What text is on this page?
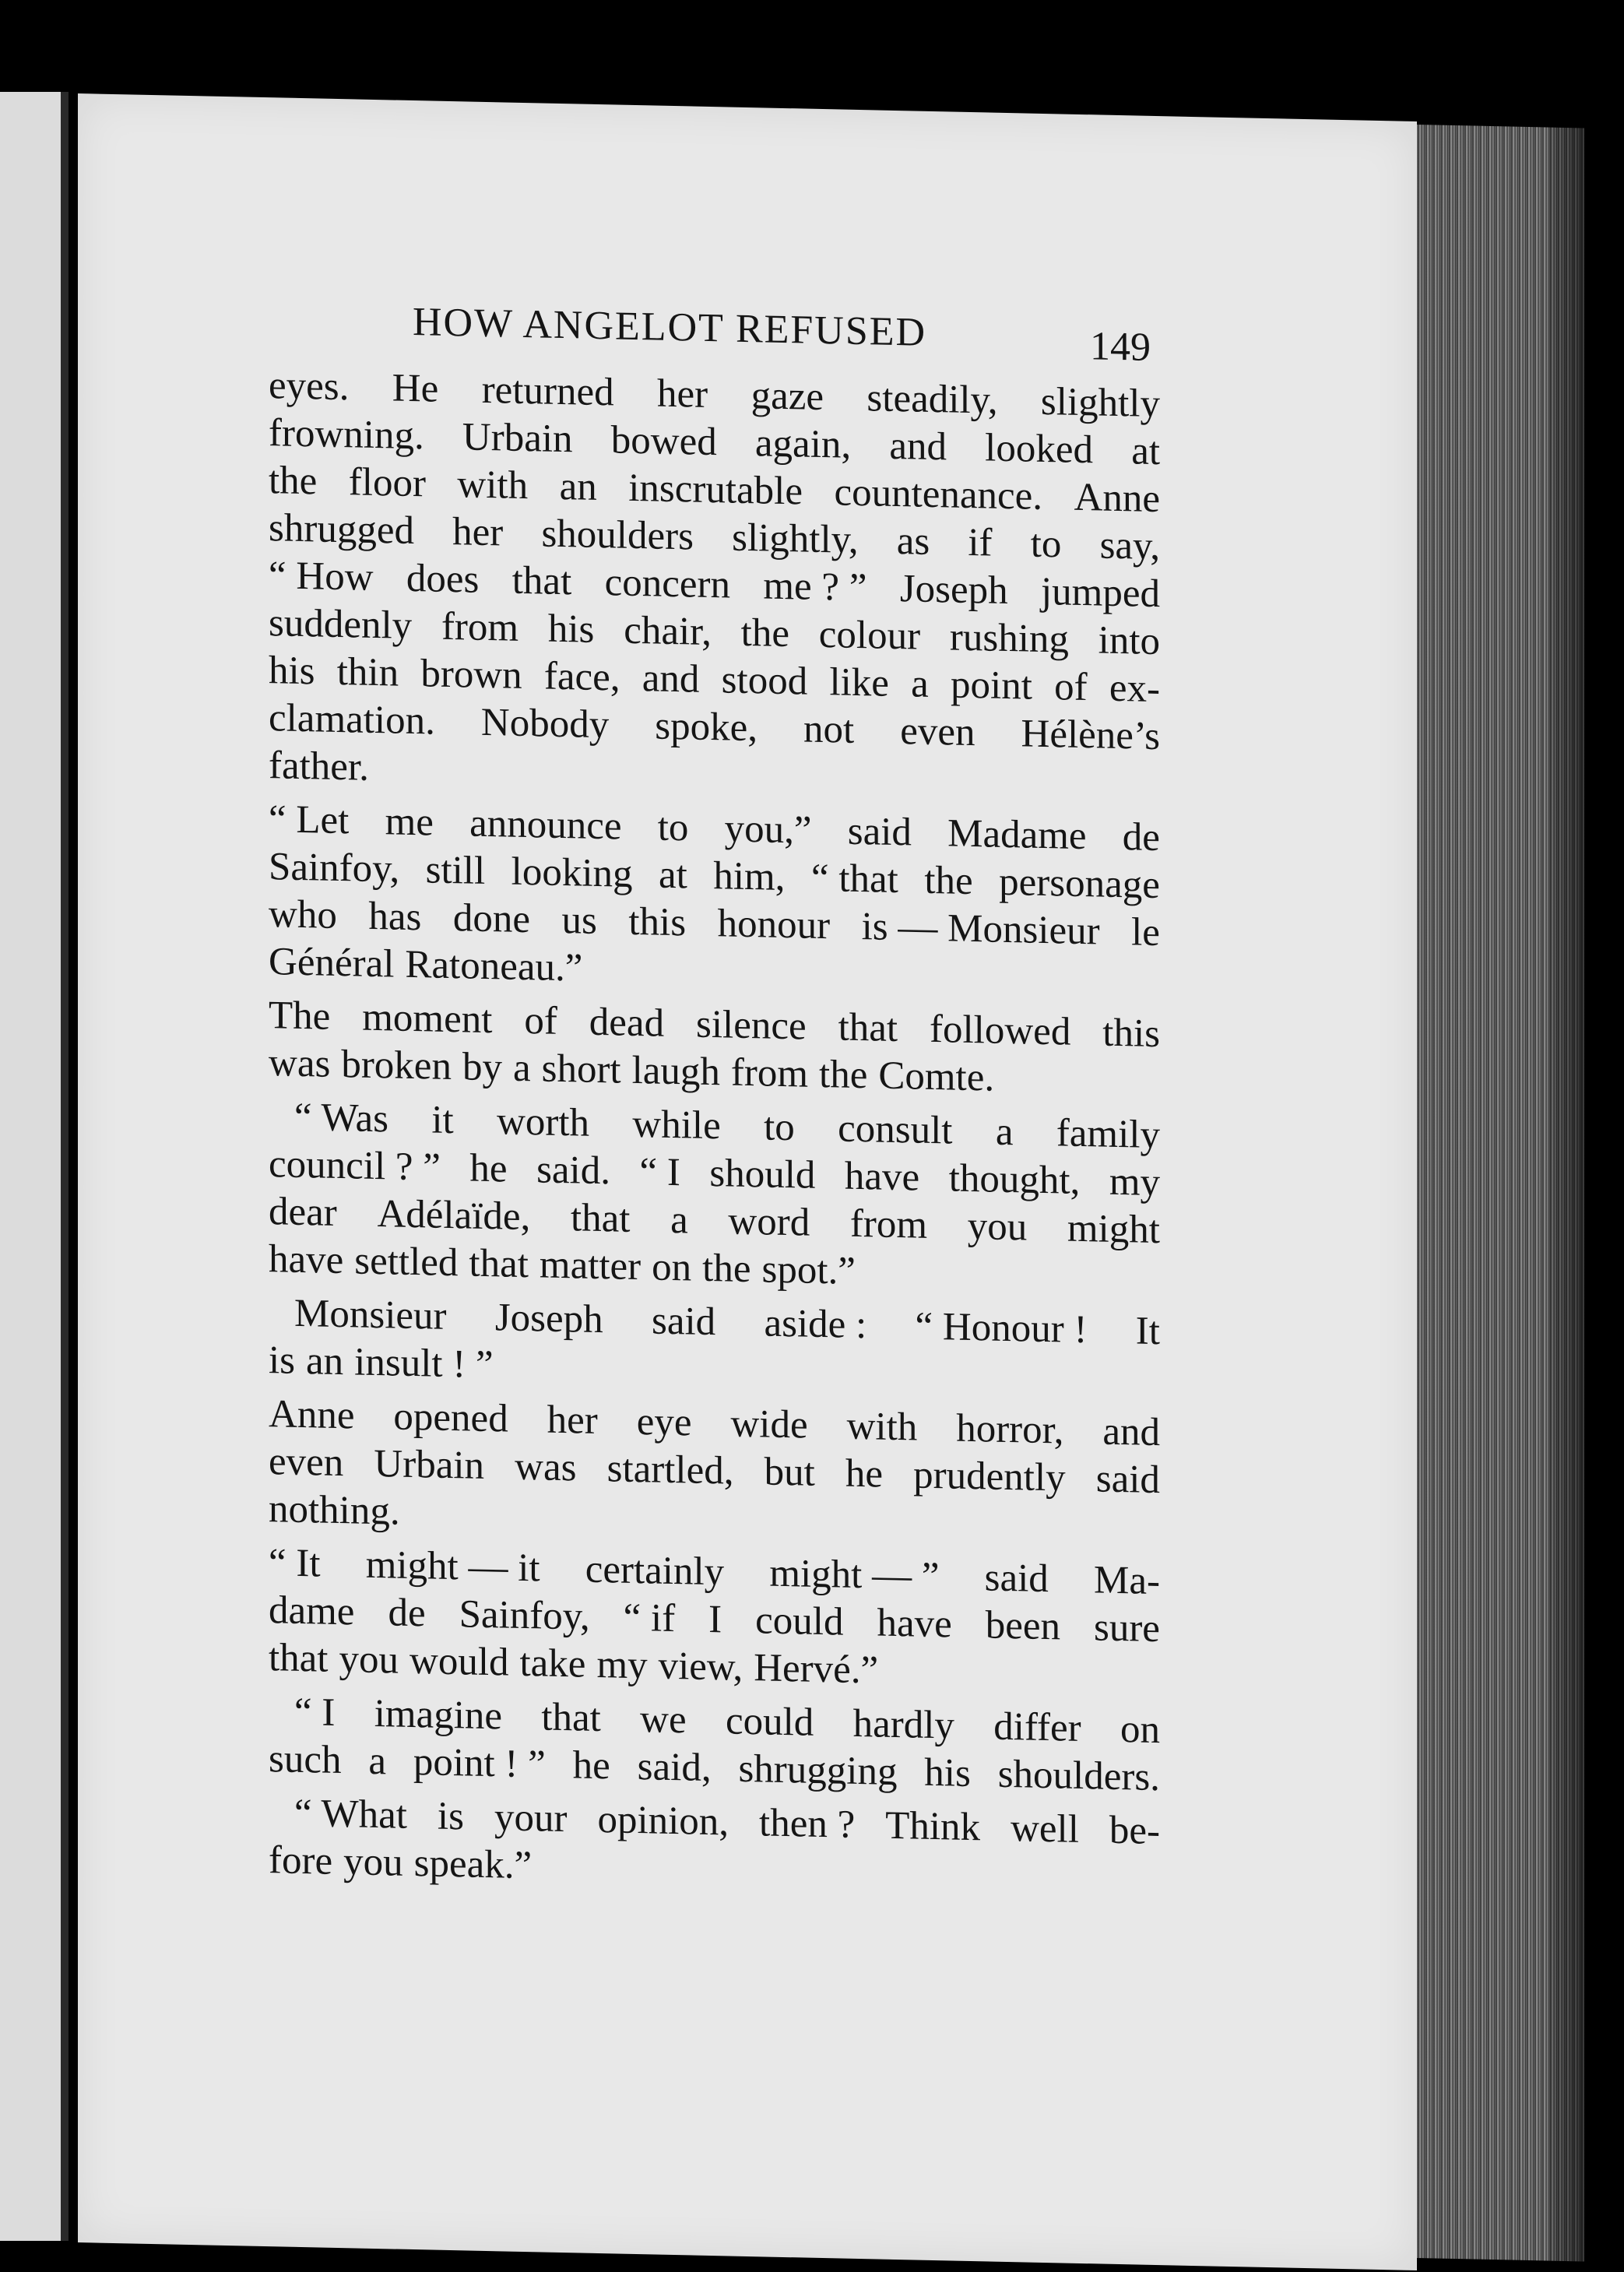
HOW ANGELOT REFUSED	149
eyes. He returned her gaze steadily, slightly
frowning. Urbain bowed again, and looked at
the floor with an inscrutable countenance. Anne
shrugged her shoulders slightly, as if to say,
“ How does that concern me ? ” Joseph jumped
suddenly from his chair, the colour rushing into
his thin brown face, and stood like a point of ex-
clamation. Nobody spoke, not even Hélène’s
father.
“ Let me announce to you,” said Madame de
Sainfoy, still looking at him, “ that the personage
who has done us this honour is — Monsieur le
Général Ratoneau.”
The moment of dead silence that followed this
was broken by a short laugh from the Comte.
“ Was it worth while to consult a family
council ? ” he said. “ I should have thought, my
dear Adélaïde, that a word from you might
have settled that matter on the spot.”
Monsieur Joseph said aside : “ Honour ! It
is an insult ! ”
Anne opened her eye wide with horror, and
even Urbain was startled, but he prudently said
nothing.
“ It might — it certainly might — ” said Ma-
dame de Sainfoy, “ if I could have been sure
that you would take my view, Hervé.”
“ I imagine that we could hardly differ on
such a point ! ” he said, shrugging his shoulders.
“ What is your opinion, then ? Think well be-
fore you speak.”
